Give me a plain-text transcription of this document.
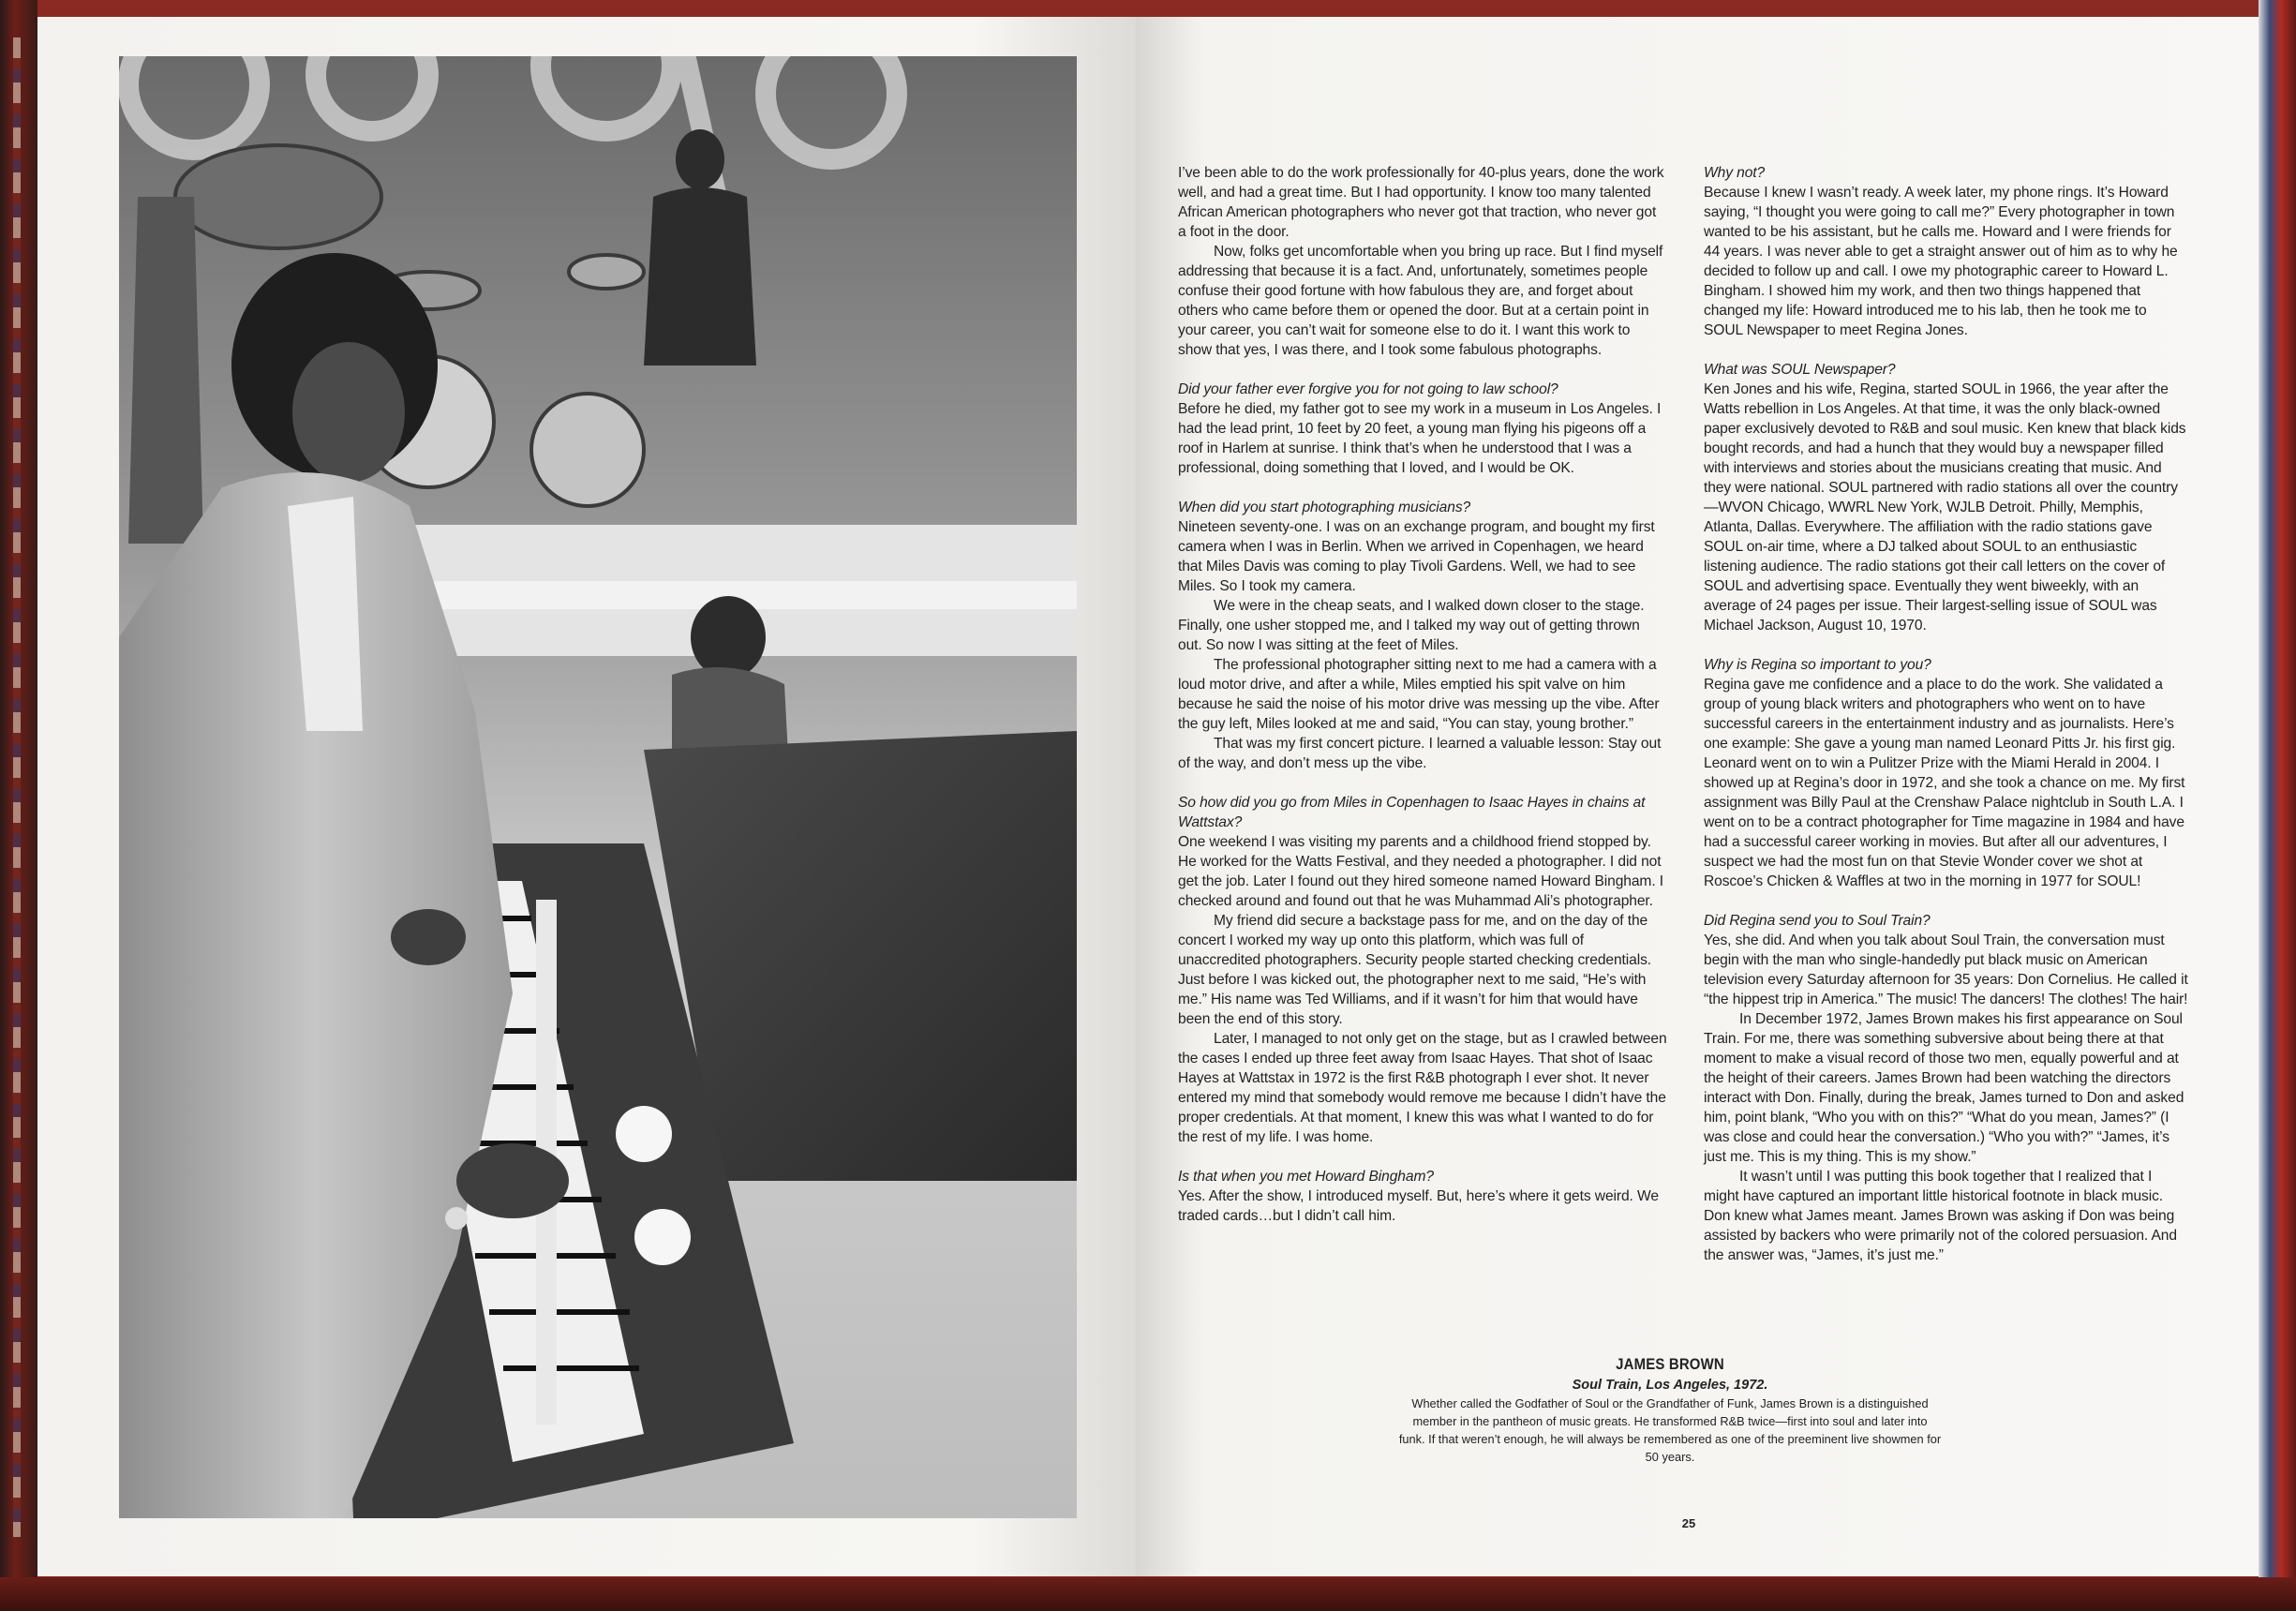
I’ve been able to do the work professionally for 40-plus years, done the work well, and had a great time. But I had opportunity. I know too many talented African American photographers who never got that traction, who never got a foot in the door.

Now, folks get uncomfortable when you bring up race. But I find myself addressing that because it is a fact. And, unfortunately, sometimes people confuse their good fortune with how fabulous they are, and forget about others who came before them or opened the door. But at a certain point in your career, you can’t wait for someone else to do it. I want this work to show that yes, I was there, and I took some fabulous photographs.

Did your father ever forgive you for not going to law school?

Before he died, my father got to see my work in a museum in Los Angeles. I had the lead print, 10 feet by 20 feet, a young man flying his pigeons off a roof in Harlem at sunrise. I think that’s when he understood that I was a professional, doing something that I loved, and I would be OK.

When did you start photographing musicians?

Nineteen seventy-one. I was on an exchange program, and bought my first camera when I was in Berlin. When we arrived in Copenhagen, we heard that Miles Davis was coming to play Tivoli Gardens. Well, we had to see Miles. So I took my camera.

We were in the cheap seats, and I walked down closer to the stage. Finally, one usher stopped me, and I talked my way out of getting thrown out. So now I was sitting at the feet of Miles.

The professional photographer sitting next to me had a camera with a loud motor drive, and after a while, Miles emptied his spit valve on him because he said the noise of his motor drive was messing up the vibe. After the guy left, Miles looked at me and said, “You can stay, young brother.”

That was my first concert picture. I learned a valuable lesson: Stay out of the way, and don’t mess up the vibe.

So how did you go from Miles in Copenhagen to Isaac Hayes in chains at Wattstax?

One weekend I was visiting my parents and a childhood friend stopped by. He worked for the Watts Festival, and they needed a photographer. I did not get the job. Later I found out they hired someone named Howard Bingham. I checked around and found out that he was Muhammad Ali’s photographer.

My friend did secure a backstage pass for me, and on the day of the concert I worked my way up onto this platform, which was full of unaccredited photographers. Security people started checking credentials. Just before I was kicked out, the photographer next to me said, “He’s with me.” His name was Ted Williams, and if it wasn’t for him that would have been the end of this story.

Later, I managed to not only get on the stage, but as I crawled between the cases I ended up three feet away from Isaac Hayes. That shot of Isaac Hayes at Wattstax in 1972 is the first R&B photograph I ever shot. It never entered my mind that somebody would remove me because I didn’t have the proper credentials. At that moment, I knew this was what I wanted to do for the rest of my life. I was home.

Is that when you met Howard Bingham?

Yes. After the show, I introduced myself. But, here’s where it gets weird. We traded cards…but I didn’t call him.

Why not?

Because I knew I wasn’t ready. A week later, my phone rings. It’s Howard saying, “I thought you were going to call me?” Every photographer in town wanted to be his assistant, but he calls me. Howard and I were friends for 44 years. I was never able to get a straight answer out of him as to why he decided to follow up and call. I owe my photographic career to Howard L. Bingham. I showed him my work, and then two things happened that changed my life: Howard introduced me to his lab, then he took me to SOUL Newspaper to meet Regina Jones.

What was SOUL Newspaper?

Ken Jones and his wife, Regina, started SOUL in 1966, the year after the Watts rebellion in Los Angeles. At that time, it was the only black-owned paper exclusively devoted to R&B and soul music. Ken knew that black kids bought records, and had a hunch that they would buy a newspaper filled with interviews and stories about the musicians creating that music. And they were national. SOUL partnered with radio stations all over the country—WVON Chicago, WWRL New York, WJLB Detroit. Philly, Memphis, Atlanta, Dallas. Everywhere. The affiliation with the radio stations gave SOUL on-air time, where a DJ talked about SOUL to an enthusiastic listening audience. The radio stations got their call letters on the cover of SOUL and advertising space. Eventually they went biweekly, with an average of 24 pages per issue. Their largest-selling issue of SOUL was Michael Jackson, August 10, 1970.

Why is Regina so important to you?

Regina gave me confidence and a place to do the work. She validated a group of young black writers and photographers who went on to have successful careers in the entertainment industry and as journalists. Here’s one example: She gave a young man named Leonard Pitts Jr. his first gig. Leonard went on to win a Pulitzer Prize with the Miami Herald in 2004. I showed up at Regina’s door in 1972, and she took a chance on me. My first assignment was Billy Paul at the Crenshaw Palace nightclub in South L.A. I went on to be a contract photographer for Time magazine in 1984 and have had a successful career working in movies. But after all our adventures, I suspect we had the most fun on that Stevie Wonder cover we shot at Roscoe’s Chicken & Waffles at two in the morning in 1977 for SOUL!

Did Regina send you to Soul Train?

Yes, she did. And when you talk about Soul Train, the conversation must begin with the man who single-handedly put black music on American television every Saturday afternoon for 35 years: Don Cornelius. He called it “the hippest trip in America.” The music! The dancers! The clothes! The hair!

In December 1972, James Brown makes his first appearance on Soul Train. For me, there was something subversive about being there at that moment to make a visual record of those two men, equally powerful and at the height of their careers. James Brown had been watching the directors interact with Don. Finally, during the break, James turned to Don and asked him, point blank, “Who you with on this?” “What do you mean, James?” (I was close and could hear the conversation.) “Who you with?” “James, it’s just me. This is my thing. This is my show.”

It wasn’t until I was putting this book together that I realized that I might have captured an important little historical footnote in black music. Don knew what James meant. James Brown was asking if Don was being assisted by backers who were primarily not of the colored persuasion. And the answer was, “James, it’s just me.”

JAMES BROWN
Soul Train, Los Angeles, 1972.
Whether called the Godfather of Soul or the Grandfather of Funk, James Brown is a distinguished member in the pantheon of music greats. He transformed R&B twice—first into soul and later into funk. If that weren’t enough, he will always be remembered as one of the preeminent live showmen for 50 years.
25
